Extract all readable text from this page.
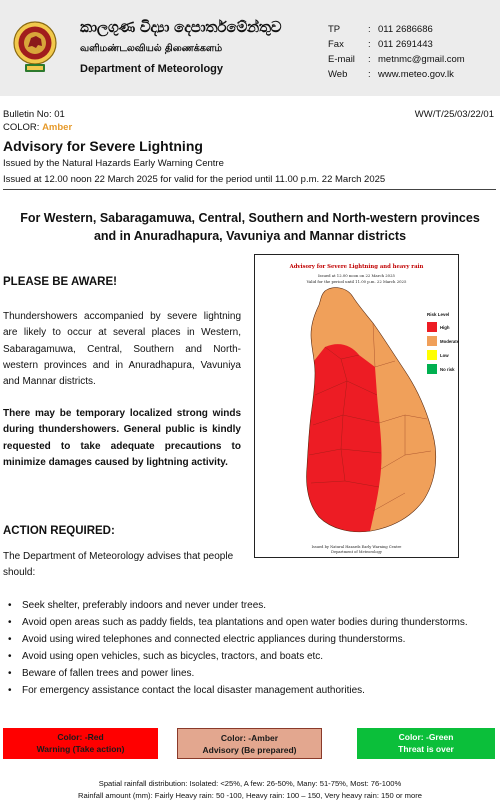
කාලගුණ විද්‍යා දෙපාර්තමේන්තුව
வளிமண்டலவியல் திணைக்களம்
Department of Meteorology
TP	: 011 2686686
Fax	: 011 2691443
E-mail	: metnmc@gmail.com
Web	: www.meteo.gov.lk
Bulletin No: 01	WW/T/25/03/22/01
COLOR: Amber
Advisory for Severe Lightning
Issued by the Natural Hazards Early Warning Centre
Issued at 12.00 noon 22 March 2025 for valid for the period until 11.00 p.m. 22 March 2025
For Western, Sabaragamuwa, Central, Southern and North-western provinces and in Anuradhapura, Vavuniya and Mannar districts
PLEASE BE AWARE!
Thundershowers accompanied by severe lightning are likely to occur at several places in Western, Sabaragamuwa, Central, Southern and North-western provinces and in Anuradhapura, Vavuniya and Mannar districts.
There may be temporary localized strong winds during thundershowers. General public is kindly requested to take adequate precautions to minimize damages caused by lightning activity.
Advisory for Severe Lightning and heavy rain
Issued at 12.00 noon on 22 March 2025
Valid for the period until 11.00 p.m. 22 March 2025
Risk Level
High
Moderate
Low
No risk
Issued by Natural Hazards Early Warning Centre
Department of Meteorology
ACTION REQUIRED:
The Department of Meteorology advises that people should:
• Seek shelter, preferably indoors and never under trees.
• Avoid open areas such as paddy fields, tea plantations and open water bodies during thunderstorms.
• Avoid using wired telephones and connected electric appliances during thunderstorms.
• Avoid using open vehicles, such as bicycles, tractors, and boats etc.
• Beware of fallen trees and power lines.
• For emergency assistance contact the local disaster management authorities.
Color: -Red
Warning (Take action)
Color: -Amber
Advisory (Be prepared)
Color: -Green
Threat is over
Spatial rainfall distribution: Isolated: <25%, A few: 26-50%, Many: 51-75%, Most: 76-100%
Rainfall amount (mm): Fairly Heavy rain: 50 -100, Heavy rain: 100 – 150, Very heavy rain: 150 or more
